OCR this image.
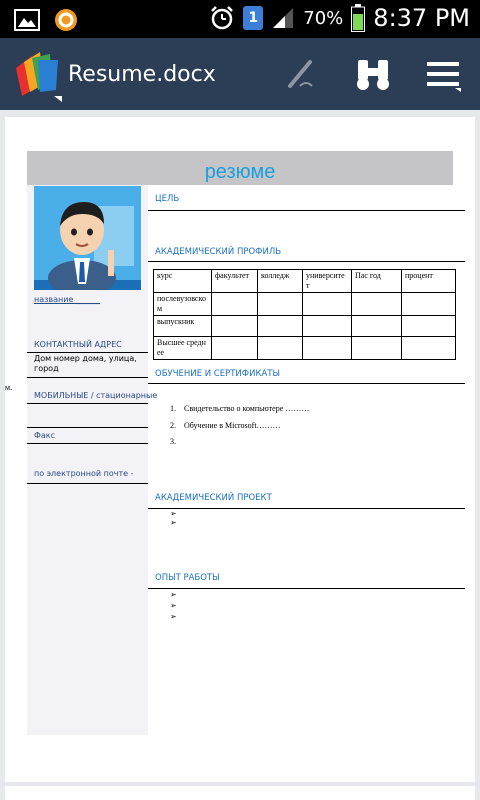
1	70% 8:37 PM
Resume.docx
резюме
название ______
КОНТАКТНЫЙ АДРЕС
Дом номер дома, улица, город
м.
МОБИЛЬНЫЕ / стационарные
Факс
по электронной почте -
ЦЕЛЬ
АКАДЕМИЧЕСКИЙ ПРОФИЛЬ
курс	факультет	колледж	университет	Пас год	процент
послевузовском					
выпускник					
Высшее среднее					
ОБУЧЕНИЕ И СЕРТИФИКАТЫ
1. Свидетельство о компьютере ………
2. Обучение в Microsoft………
3.
АКАДЕМИЧЕСКИЙ ПРОЕКТ
➢
➢
ОПЫТ РАБОТЫ
➢
➢
➢
